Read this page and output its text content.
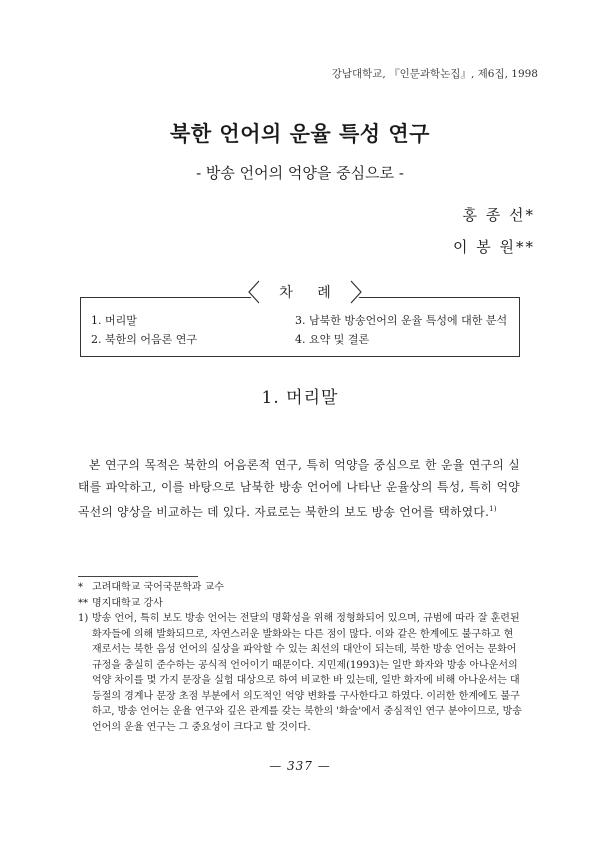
강남대학교, 『인문과학논집』, 제6집, 1998
북한 언어의 운율 특성 연구
- 방송 언어의 억양을 중심으로 -
홍 종 선*
이 봉 원**
1. 머리말
2. 북한의 어음론 연구
3. 남북한 방송언어의 운율 특성에 대한 분석
4. 요약 및 결론
차 례
1. 머리말

본 연구의 목적은 북한의 어음론적 연구, 특히 억양을 중심으로 한 운율 연구의 실태를 파악하고, 이를 바탕으로 남북한 방송 언어에 나타난 운율상의 특성, 특히 억양 곡선의 양상을 비교하는 데 있다. 자료로는 북한의 보도 방송 언어를 택하였다.$^{1)}$

* 고려대학교 국어국문학과 교수
** 명지대학교 강사
1) 방송 언어, 특히 보도 방송 언어는 전달의 명확성을 위해 정형화되어 있으며, 규범에 따라 잘 훈련된 화자들에 의해 발화되므로, 자연스러운 발화와는 다른 점이 많다. 이와 같은 한계에도 불구하고 현재로서는 북한 음성 언어의 실상을 파악할 수 있는 최선의 대안이 되는데, 북한 방송 언어는 문화어 규정을 충실히 준수하는 공식적 언어이기 때문이다. 지민제(1993)는 일반 화자와 방송 아나운서의 억양 차이를 몇 가지 문장을 실험 대상으로 하여 비교한 바 있는데, 일반 화자에 비해 아나운서는 대등절의 경계나 문장 초점 부분에서 의도적인 억양 변화를 구사한다고 하였다. 이러한 한계에도 불구하고, 방송 언어는 운율 연구와 깊은 관계를 갖는 북한의 '화술'에서 중심적인 연구 분야이므로, 방송 언어의 운율 연구는 그 중요성이 크다고 할 것이다.
— 337 —
